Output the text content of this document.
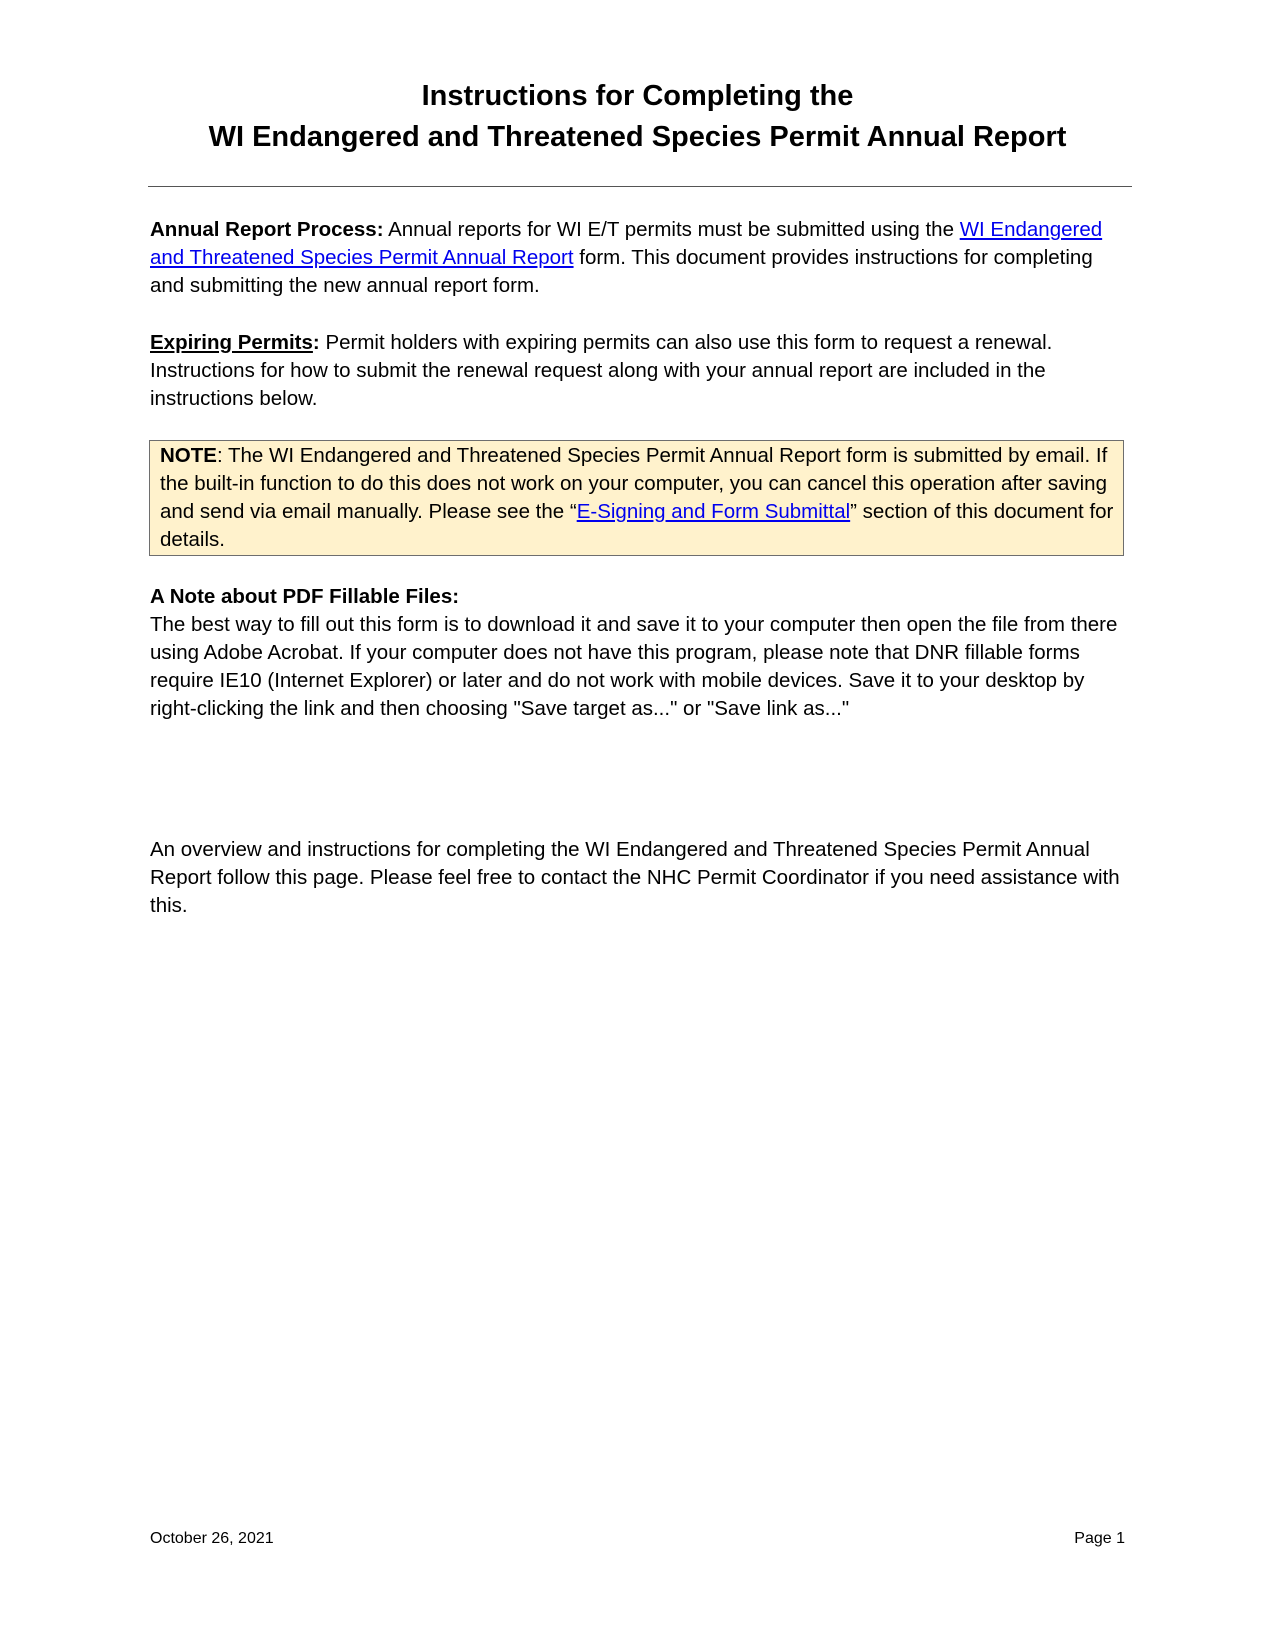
Instructions for Completing the
WI Endangered and Threatened Species Permit Annual Report
Annual Report Process: Annual reports for WI E/T permits must be submitted using the WI Endangered and Threatened Species Permit Annual Report form. This document provides instructions for completing and submitting the new annual report form.
Expiring Permits: Permit holders with expiring permits can also use this form to request a renewal. Instructions for how to submit the renewal request along with your annual report are included in the instructions below.
NOTE: The WI Endangered and Threatened Species Permit Annual Report form is submitted by email. If the built-in function to do this does not work on your computer, you can cancel this operation after saving and send via email manually. Please see the “E-Signing and Form Submittal” section of this document for details.
A Note about PDF Fillable Files:
The best way to fill out this form is to download it and save it to your computer then open the file from there using Adobe Acrobat. If your computer does not have this program, please note that DNR fillable forms require IE10 (Internet Explorer) or later and do not work with mobile devices. Save it to your desktop by right-clicking the link and then choosing "Save target as..." or "Save link as..."
An overview and instructions for completing the WI Endangered and Threatened Species Permit Annual Report follow this page. Please feel free to contact the NHC Permit Coordinator if you need assistance with this.
October 26, 2021	Page 1
